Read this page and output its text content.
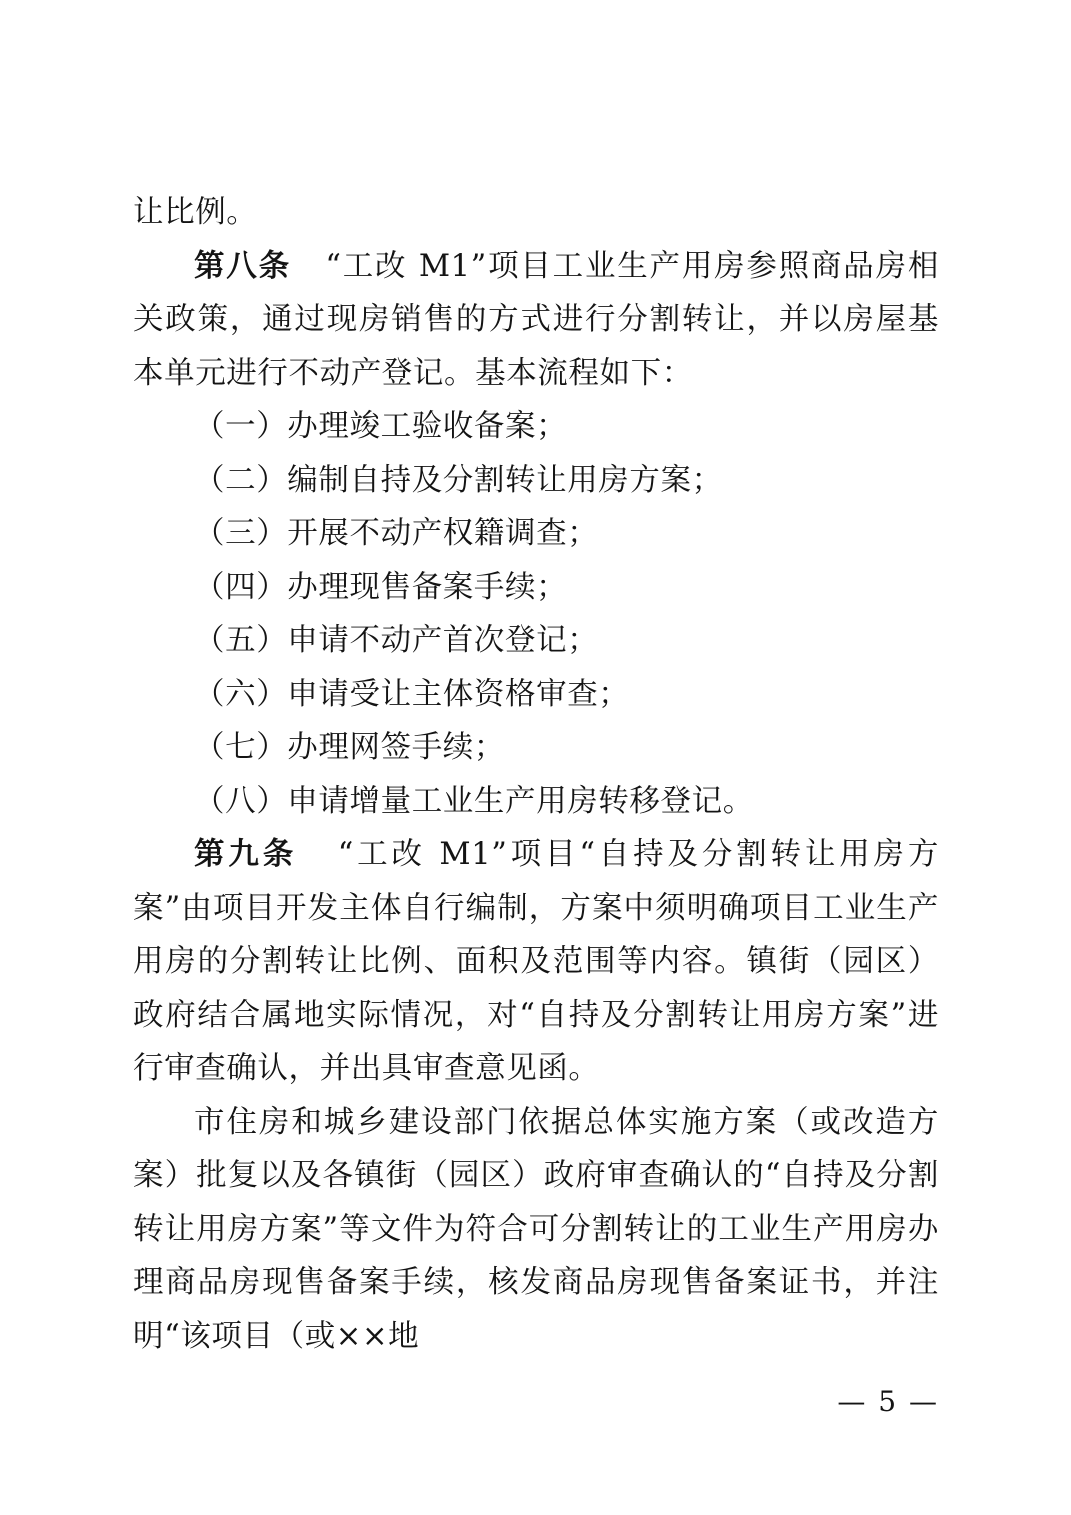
让比例。

第八条 “工改 M1”项目工业生产用房参照商品房相关政策，通过现房销售的方式进行分割转让，并以房屋基本单元进行不动产登记。基本流程如下：

（一）办理竣工验收备案；

（二）编制自持及分割转让用房方案；

（三）开展不动产权籍调查；

（四）办理现售备案手续；

（五）申请不动产首次登记；

（六）申请受让主体资格审查；

（七）办理网签手续；

（八）申请增量工业生产用房转移登记。

第九条 “工改 M1”项目“自持及分割转让用房方案”由项目开发主体自行编制，方案中须明确项目工业生产用房的分割转让比例、面积及范围等内容。镇街（园区）政府结合属地实际情况，对“自持及分割转让用房方案”进行审查确认，并出具审查意见函。

市住房和城乡建设部门依据总体实施方案（或改造方案）批复以及各镇街（园区）政府审查确认的“自持及分割转让用房方案”等文件为符合可分割转让的工业生产用房办理商品房现售备案手续，核发商品房现售备案证书，并注明“该项目（或××地

— 5 —
